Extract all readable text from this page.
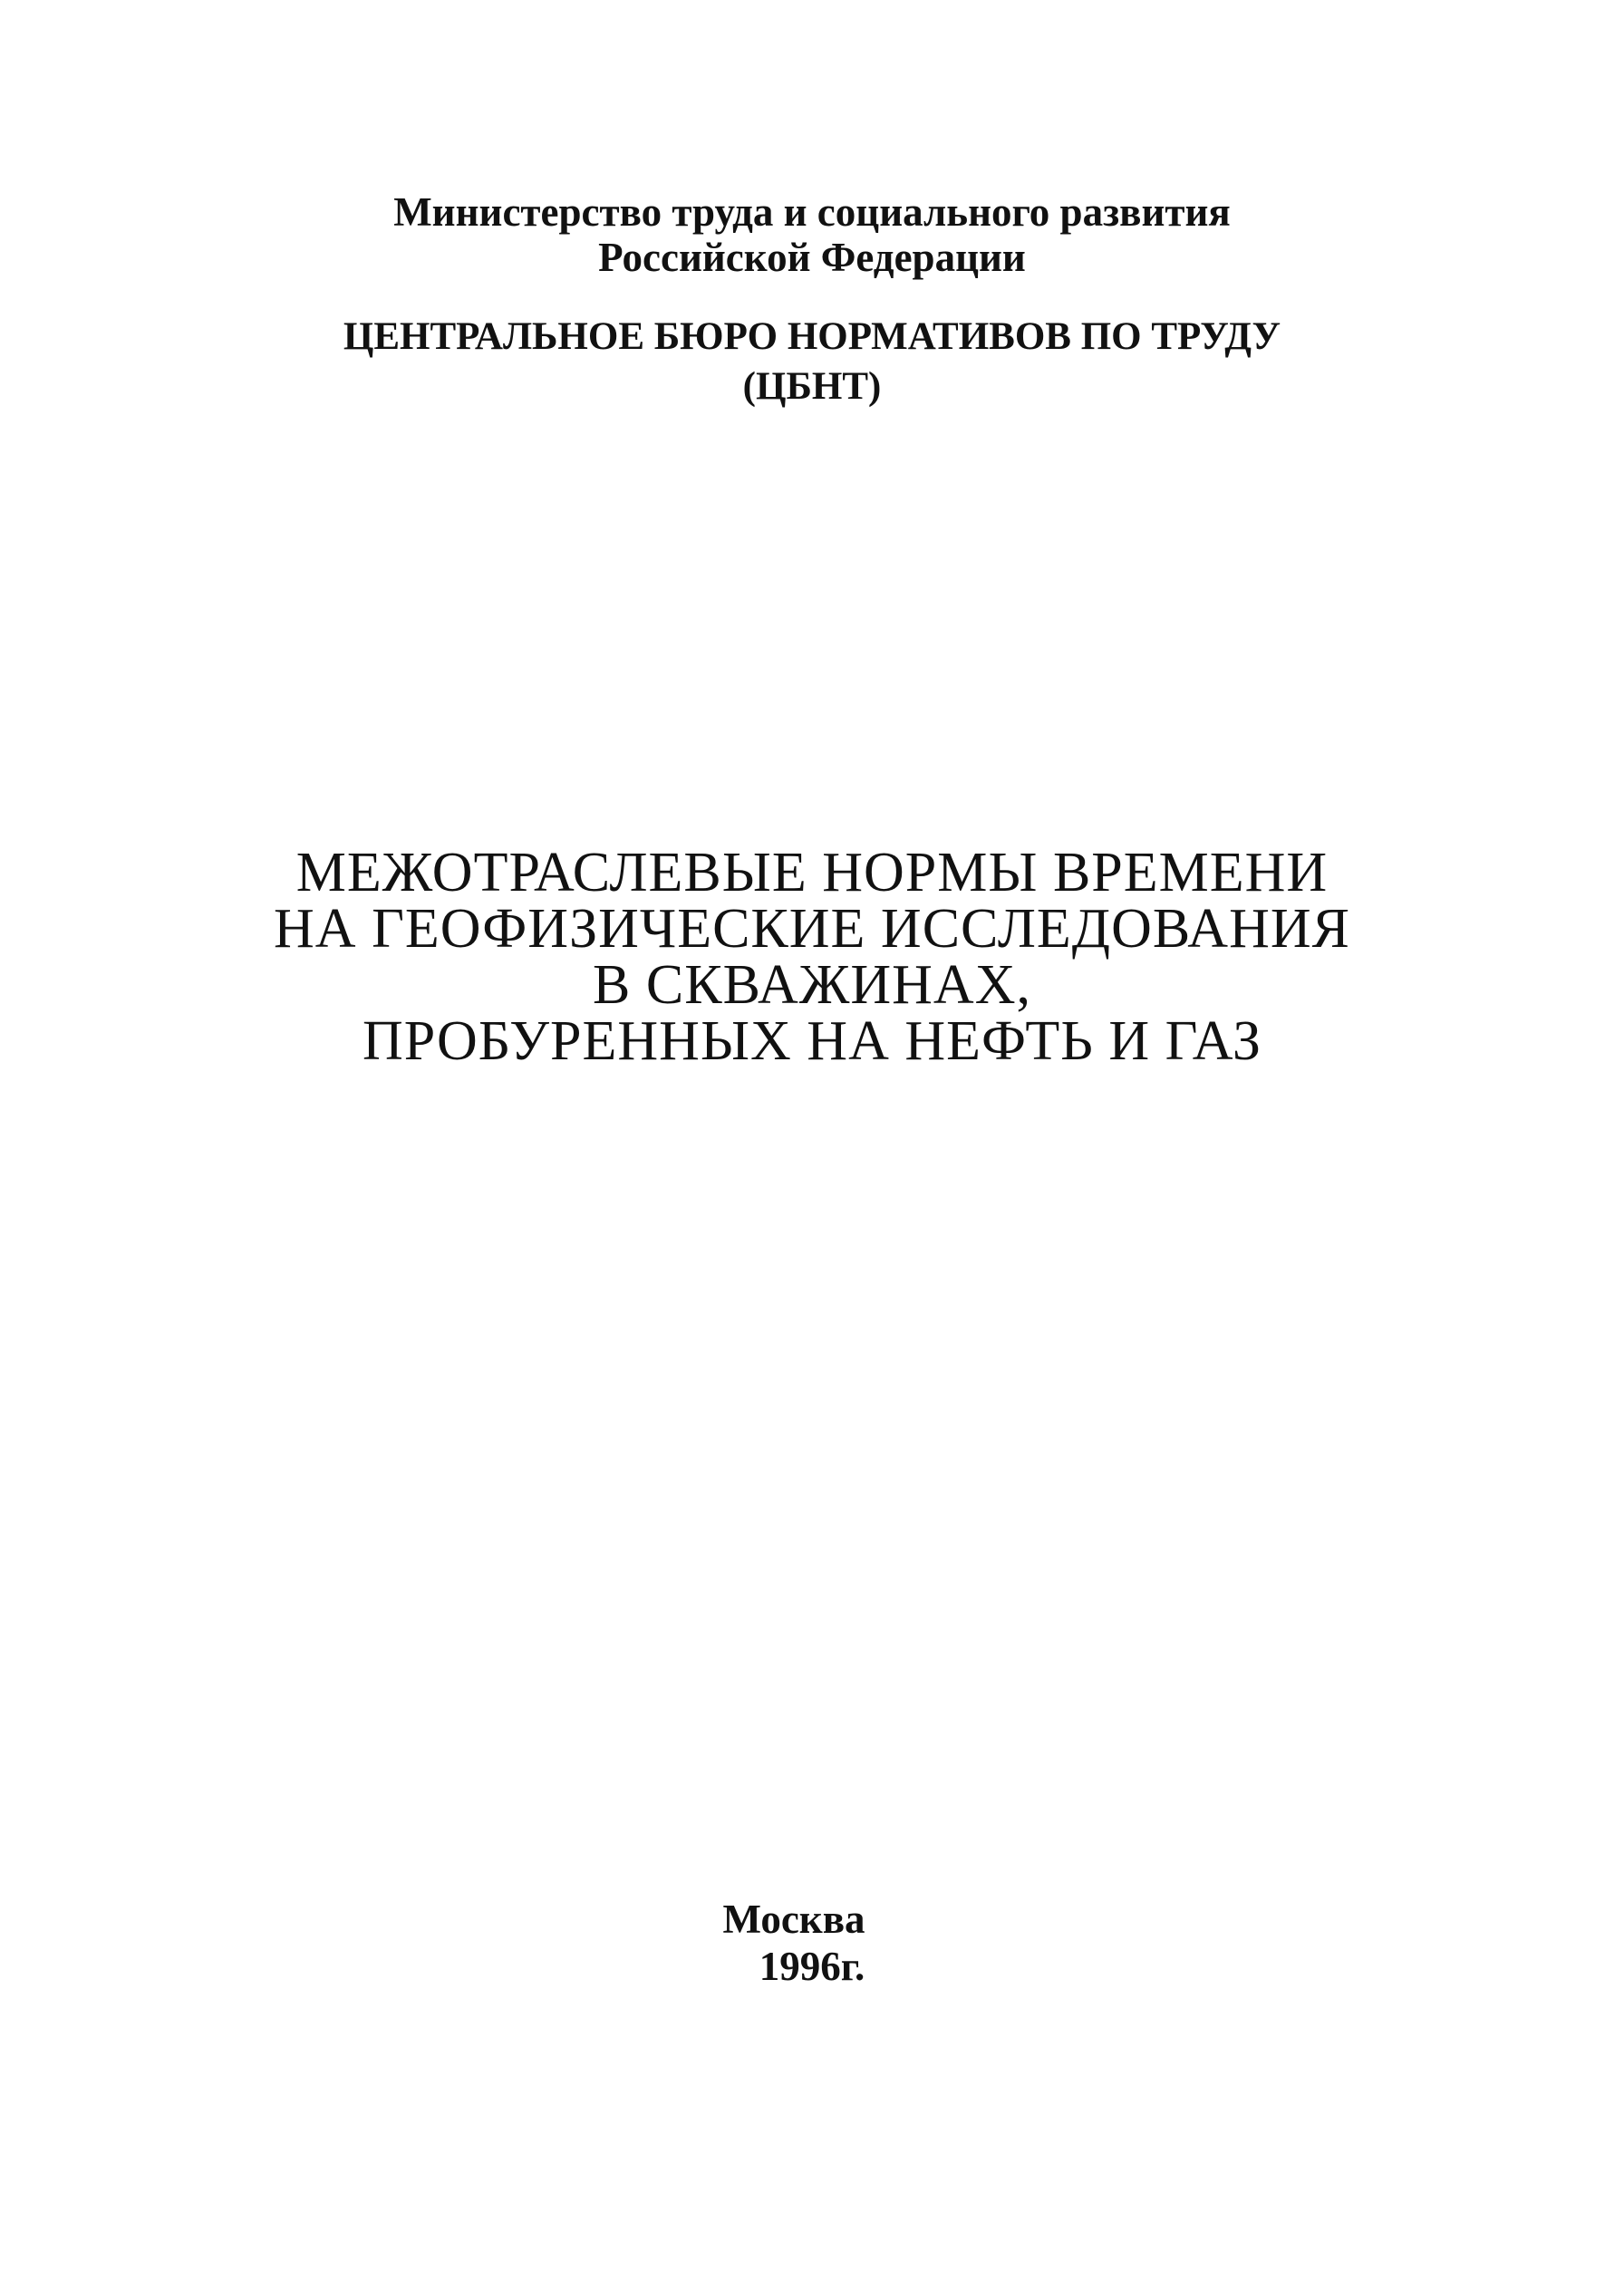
Министерство труда и социального развития
Российской Федерации
ЦЕНТРАЛЬНОЕ БЮРО НОРМАТИВОВ ПО ТРУДУ
(ЦБНТ)
МЕЖОТРАСЛЕВЫЕ НОРМЫ ВРЕМЕНИ
НА ГЕОФИЗИЧЕСКИЕ ИССЛЕДОВАНИЯ
В СКВАЖИНАХ,
ПРОБУРЕННЫХ НА НЕФТЬ И ГАЗ
Москва
1996г.
